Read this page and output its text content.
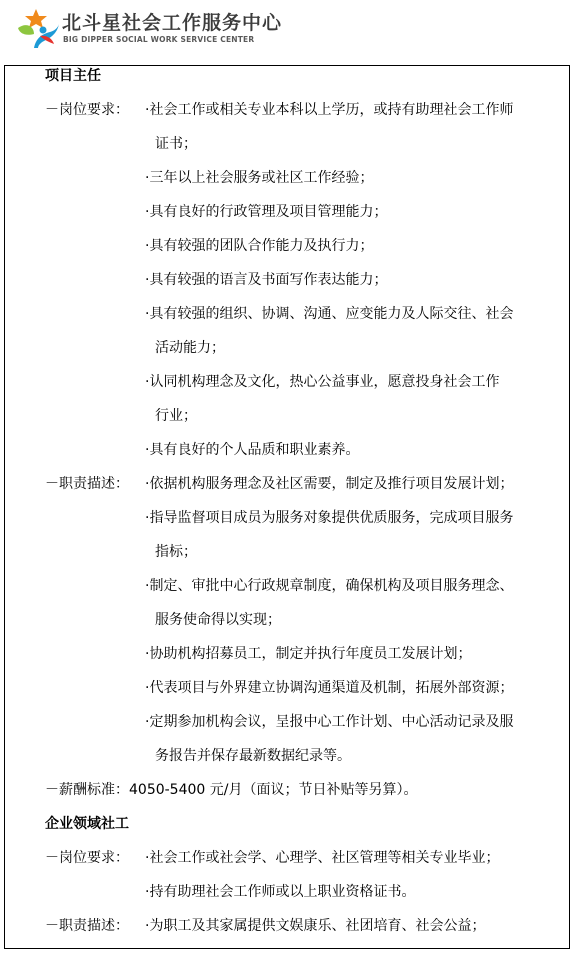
北斗星社会工作服务中心
BIG DIPPER SOCIAL WORK SERVICE CENTER
项目主任
－岗位要求： ·社会工作或相关专业本科以上学历，或持有助理社会工作师
证书；
·三年以上社会服务或社区工作经验；
·具有良好的行政管理及项目管理能力；
·具有较强的团队合作能力及执行力；
·具有较强的语言及书面写作表达能力；
·具有较强的组织、协调、沟通、应变能力及人际交往、社会
活动能力；
·认同机构理念及文化，热心公益事业，愿意投身社会工作
行业；
·具有良好的个人品质和职业素养。
－职责描述： ·依据机构服务理念及社区需要，制定及推行项目发展计划；
·指导监督项目成员为服务对象提供优质服务，完成项目服务
指标；
·制定、审批中心行政规章制度，确保机构及项目服务理念、
服务使命得以实现；
·协助机构招募员工，制定并执行年度员工发展计划；
·代表项目与外界建立协调沟通渠道及机制，拓展外部资源；
·定期参加机构会议，呈报中心工作计划、中心活动记录及服
务报告并保存最新数据纪录等。
－薪酬标准：4050-5400 元/月（面议；节日补贴等另算）。
企业领域社工
－岗位要求： ·社会工作或社会学、心理学、社区管理等相关专业毕业；
·持有助理社会工作师或以上职业资格证书。
－职责描述： ·为职工及其家属提供文娱康乐、社团培育、社会公益；
